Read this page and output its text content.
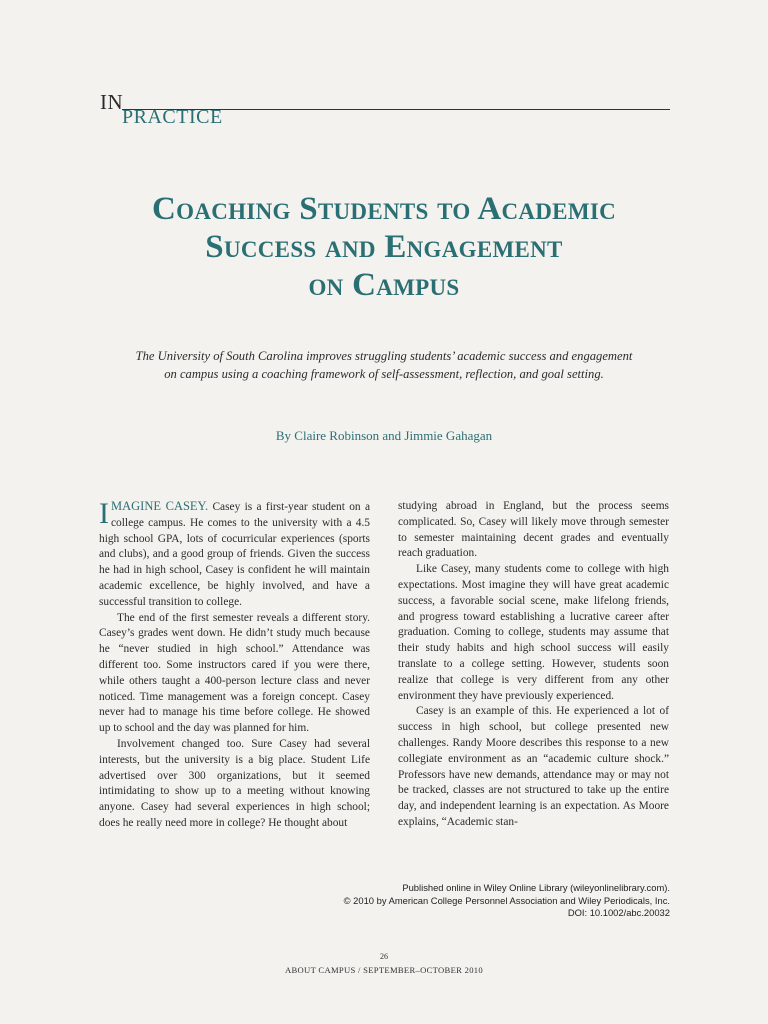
IN
PRACTICE
Coaching Students to Academic
Success and Engagement
on Campus
The University of South Carolina improves struggling students’ academic success and engagement
on campus using a coaching framework of self-assessment, reflection, and goal setting.
By Claire Robinson and Jimmie Gahagan

IMAGINE CASEY. Casey is a first-year student on a college campus. He comes to the university with a 4.5 high school GPA, lots of cocurricular experiences (sports and clubs), and a good group of friends. Given the success he had in high school, Casey is confident he will maintain academic excellence, be highly involved, and have a successful transition to college.

The end of the first semester reveals a different story. Casey’s grades went down. He didn’t study much because he “never studied in high school.” Attendance was different too. Some instructors cared if you were there, while others taught a 400-person lecture class and never noticed. Time management was a foreign concept. Casey never had to manage his time before college. He showed up to school and the day was planned for him.

Involvement changed too. Sure Casey had several interests, but the university is a big place. Student Life advertised over 300 organizations, but it seemed intimidating to show up to a meeting without knowing anyone. Casey had several experiences in high school; does he really need more in college? He thought about

studying abroad in England, but the process seems complicated. So, Casey will likely move through semester to semester maintaining decent grades and eventually reach graduation.

Like Casey, many students come to college with high expectations. Most imagine they will have great academic success, a favorable social scene, make lifelong friends, and progress toward establishing a lucrative career after graduation. Coming to college, students may assume that their study habits and high school success will easily translate to a college setting. However, students soon realize that college is very different from any other environment they have previously experienced.

Casey is an example of this. He experienced a lot of success in high school, but college presented new challenges. Randy Moore describes this response to a new collegiate environment as an “academic culture shock.” Professors have new demands, attendance may or may not be tracked, classes are not structured to take up the entire day, and independent learning is an expectation. As Moore explains, “Academic stan-

Published online in Wiley Online Library (wileyonlinelibrary.com).
© 2010 by American College Personnel Association and Wiley Periodicals, Inc.
DOI: 10.1002/abc.20032
26
ABOUT CAMPUS / SEPTEMBER–OCTOBER 2010
